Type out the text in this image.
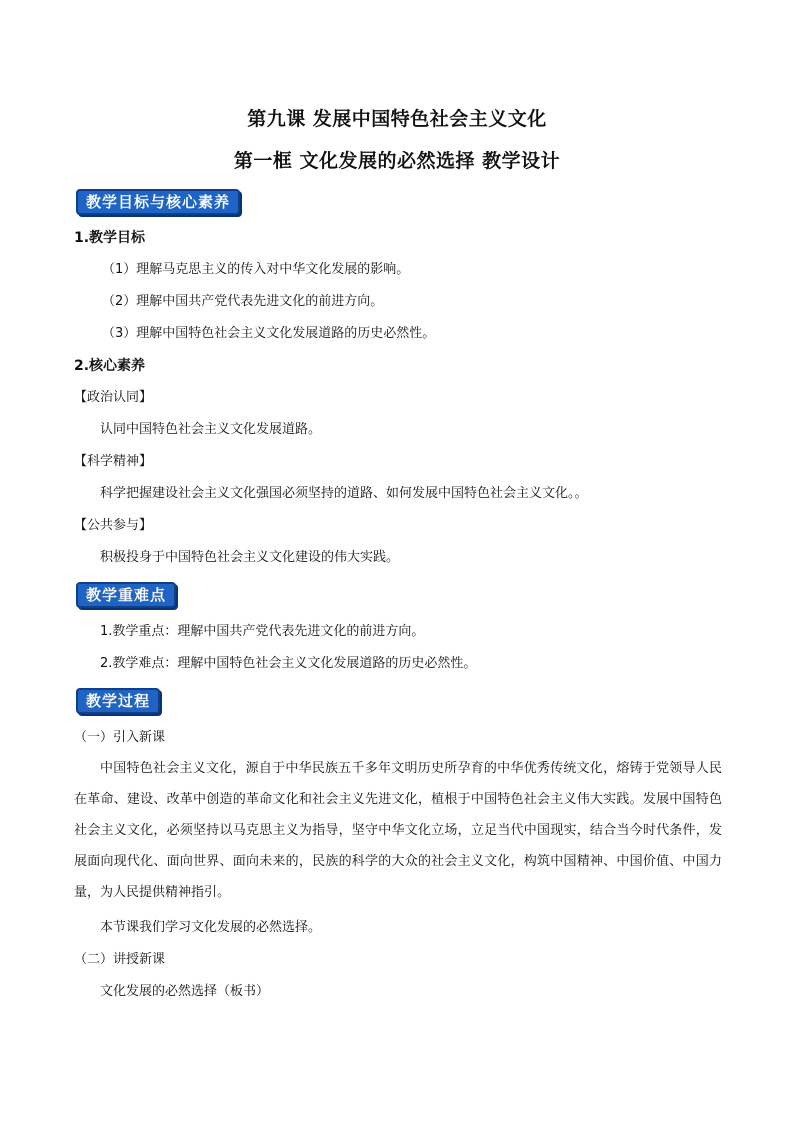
第九课 发展中国特色社会主义文化
第一框 文化发展的必然选择 教学设计
教学目标与核心素养
1.教学目标
（1）理解马克思主义的传入对中华文化发展的影响。
（2）理解中国共产党代表先进文化的前进方向。
（3）理解中国特色社会主义文化发展道路的历史必然性。
2.核心素养
【政治认同】
认同中国特色社会主义文化发展道路。
【科学精神】
科学把握建设社会主义文化强国必须坚持的道路、如何发展中国特色社会主义文化。。
【公共参与】
积极投身于中国特色社会主义文化建设的伟大实践。
教学重难点
1.教学重点：理解中国共产党代表先进文化的前进方向。
2.教学难点：理解中国特色社会主义文化发展道路的历史必然性。
教学过程
（一）引入新课
中国特色社会主义文化，源自于中华民族五千多年文明历史所孕育的中华优秀传统文化，熔铸于党领导人民在革命、建设、改革中创造的革命文化和社会主义先进文化，植根于中国特色社会主义伟大实践。发展中国特色社会主义文化，必须坚持以马克思主义为指导，坚守中华文化立场，立足当代中国现实，结合当今时代条件，发展面向现代化、面向世界、面向未来的，民族的科学的大众的社会主义文化，构筑中国精神、中国价值、中国力量，为人民提供精神指引。
本节课我们学习文化发展的必然选择。
（二）讲授新课
文化发展的必然选择（板书）
